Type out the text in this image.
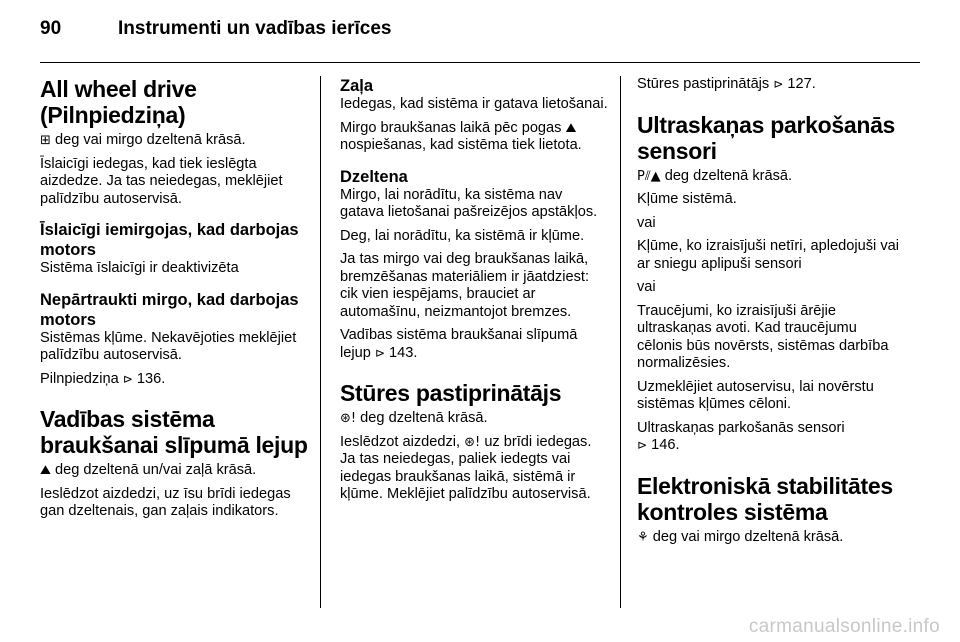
90	Instrumenti un vadības ierīces
All wheel drive (Pilnpiedziņa)

⊞ deg vai mirgo dzeltenā krāsā.

Īslaicīgi iedegas, kad tiek ieslēgta aizdedze. Ja tas neiedegas, meklējiet palīdzību autoservisā.

Īslaicīgi iemirgojas, kad darbojas motors

Sistēma īslaicīgi ir deaktivizēta

Nepārtraukti mirgo, kad darbojas motors

Sistēmas kļūme. Nekavējoties meklējiet palīdzību autoservisā.

Pilnpiedziņa ⊳ 136.

Vadības sistēma braukšanai slīpumā lejup

⛰ deg dzeltenā un/vai zaļā krāsā.

Ieslēdzot aizdedzi, uz īsu brīdi iedegas gan dzeltenais, gan zaļais indikators.

Zaļa

Iedegas, kad sistēma ir gatava lietošanai.

Mirgo braukšanas laikā pēc pogas ⛰ nospiešanas, kad sistēma tiek lietota.

Dzeltena

Mirgo, lai norādītu, ka sistēma nav gatava lietošanai pašreizējos apstākļos.

Deg, lai norādītu, ka sistēmā ir kļūme.

Ja tas mirgo vai deg braukšanas laikā, bremzēšanas materiāliem ir jāatdziest: cik vien iespējams, brauciet ar automašīnu, neizmantojot bremzes.

Vadības sistēma braukšanai slīpumā lejup ⊳ 143.

Stūres pastiprinātājs

⊛! deg dzeltenā krāsā.

Ieslēdzot aizdedzi, ⊛! uz brīdi iedegas. Ja tas neiedegas, paliek iedegts vai iedegas braukšanas laikā, sistēmā ir kļūme. Meklējiet palīdzību autoservisā.

Stūres pastiprinātājs ⊳ 127.

Ultraskaņas parkošanās sensori

P⫽▲ deg dzeltenā krāsā.

Kļūme sistēmā.

vai

Kļūme, ko izraisījuši netīri, apledojuši vai ar sniegu aplipuši sensori

vai

Traucējumi, ko izraisījuši ārējie ultraskaņas avoti. Kad traucējumu cēlonis būs novērsts, sistēmas darbība normalizēsies.

Uzmeklējiet autoservisu, lai novērstu sistēmas kļūmes cēloni.

Ultraskaņas parkošanās sensori
⊳ 146.

Elektroniskā stabilitātes kontroles sistēma

⚘ deg vai mirgo dzeltenā krāsā.

carmanualsonline.info
